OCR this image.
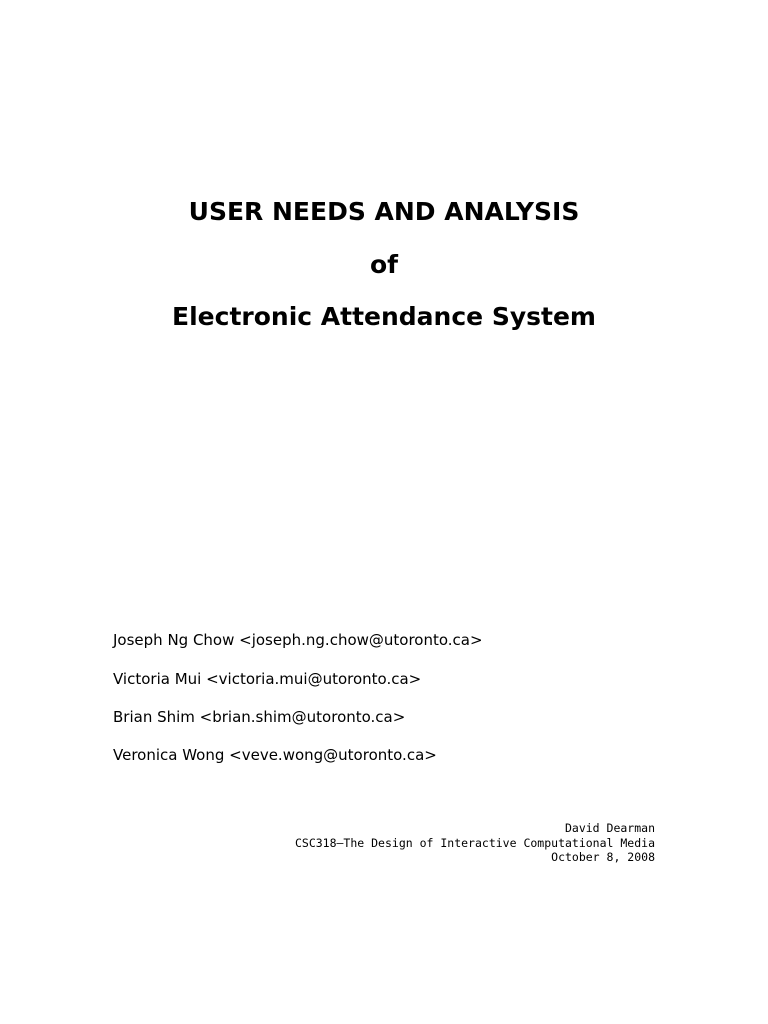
USER NEEDS AND ANALYSIS
of
Electronic Attendance System
Joseph Ng Chow <joseph.ng.chow@utoronto.ca>
Victoria Mui <victoria.mui@utoronto.ca>
Brian Shim <brian.shim@utoronto.ca>
Veronica Wong <veve.wong@utoronto.ca>
David Dearman
CSC318—The Design of Interactive Computational Media
October 8, 2008
